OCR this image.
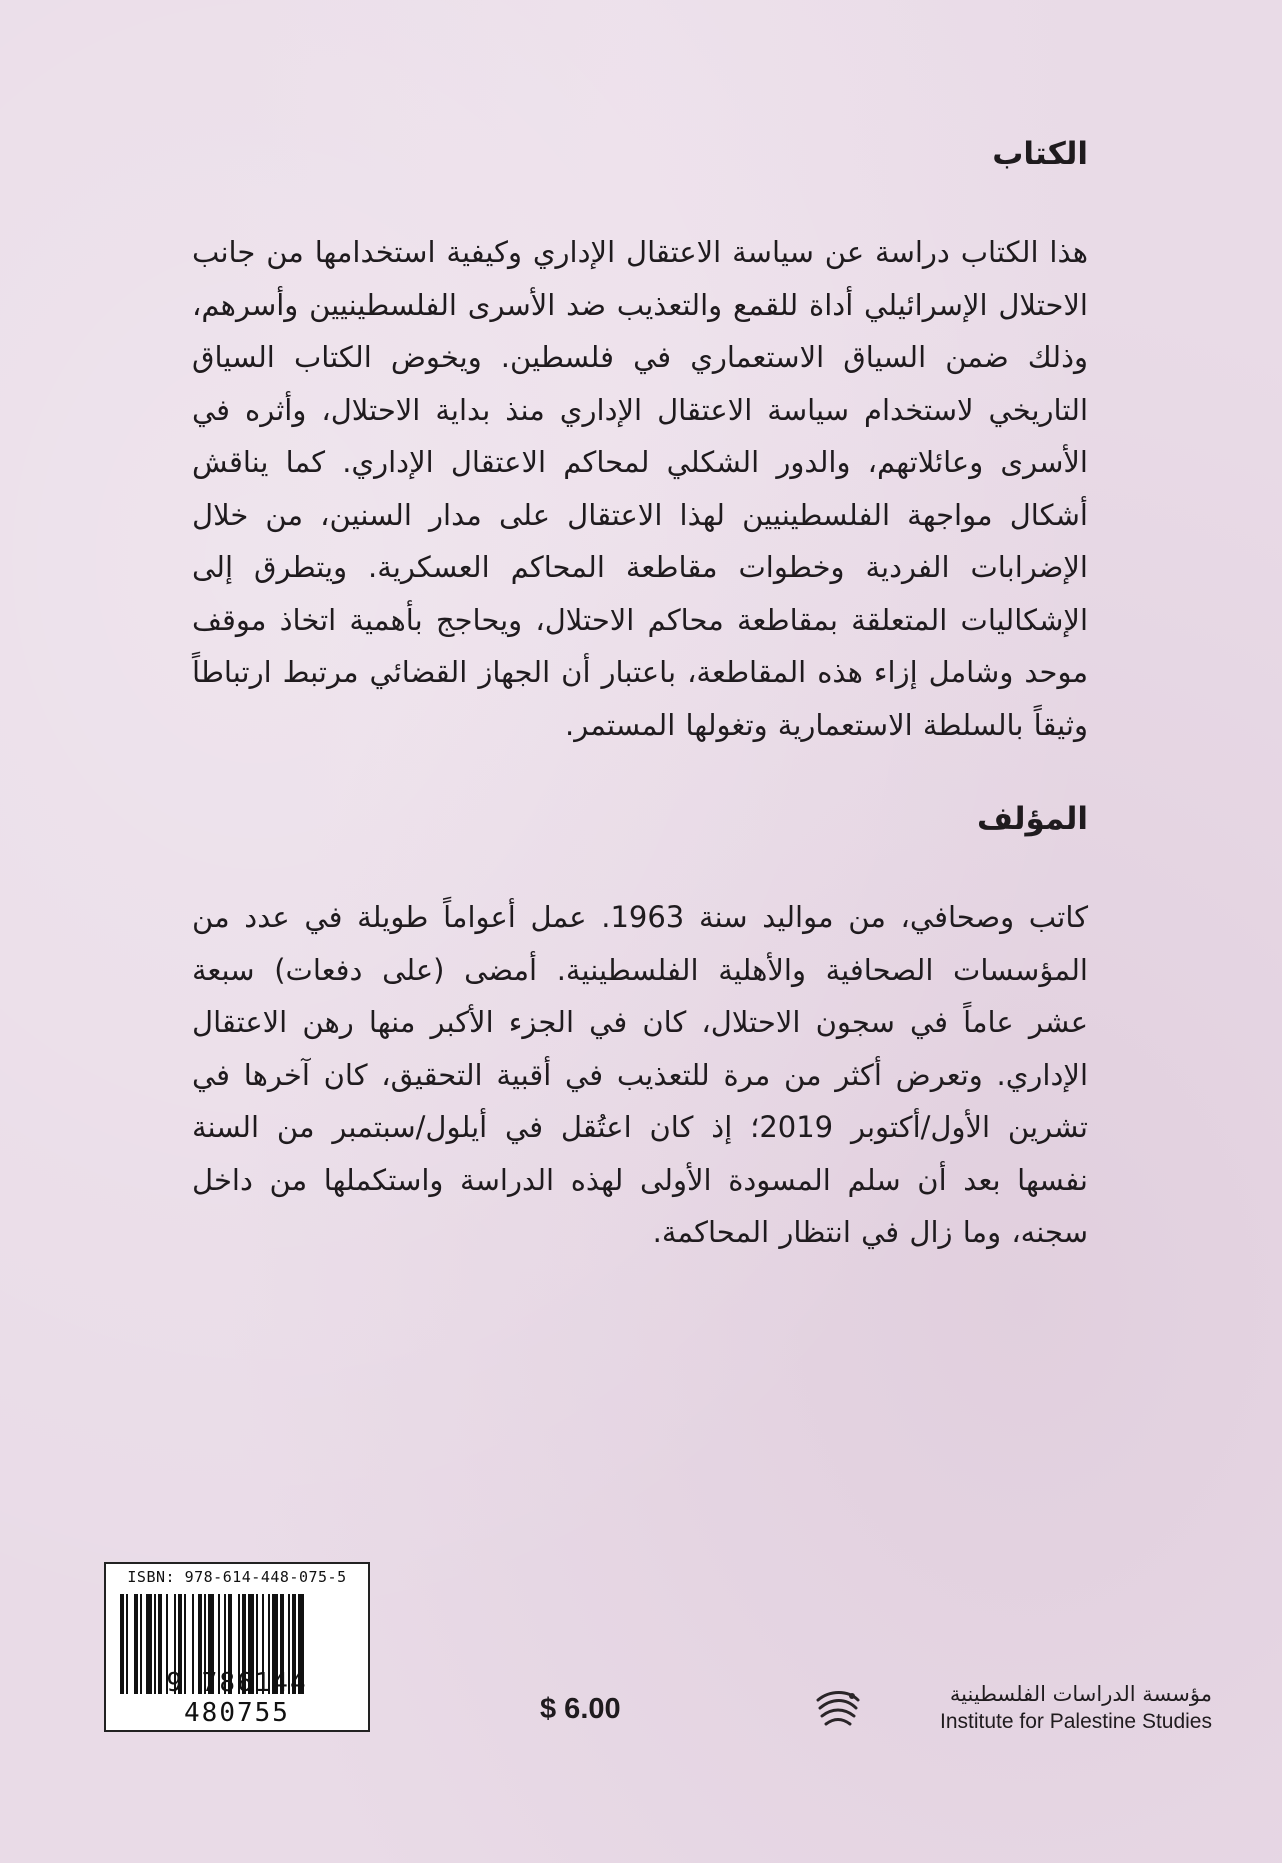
الكتاب

هذا الكتاب دراسة عن سياسة الاعتقال الإداري وكيفية استخدامها من جانب الاحتلال الإسرائيلي أداة للقمع والتعذيب ضد الأسرى الفلسطينيين وأسرهم، وذلك ضمن السياق الاستعماري في فلسطين. ويخوض الكتاب السياق التاريخي لاستخدام سياسة الاعتقال الإداري منذ بداية الاحتلال، وأثره في الأسرى وعائلاتهم، والدور الشكلي لمحاكم الاعتقال الإداري. كما يناقش أشكال مواجهة الفلسطينيين لهذا الاعتقال على مدار السنين، من خلال الإضرابات الفردية وخطوات مقاطعة المحاكم العسكرية. ويتطرق إلى الإشكاليات المتعلقة بمقاطعة محاكم الاحتلال، ويحاجج بأهمية اتخاذ موقف موحد وشامل إزاء هذه المقاطعة، باعتبار أن الجهاز القضائي مرتبط ارتباطاً وثيقاً بالسلطة الاستعمارية وتغولها المستمر.

المؤلف

كاتب وصحافي، من مواليد سنة 1963. عمل أعواماً طويلة في عدد من المؤسسات الصحافية والأهلية الفلسطينية. أمضى (على دفعات) سبعة عشر عاماً في سجون الاحتلال، كان في الجزء الأكبر منها رهن الاعتقال الإداري. وتعرض أكثر من مرة للتعذيب في أقبية التحقيق، كان آخرها في تشرين الأول/أكتوبر 2019؛ إذ كان اعتُقل في أيلول/سبتمبر من السنة نفسها بعد أن سلم المسودة الأولى لهذه الدراسة واستكملها من داخل سجنه، وما زال في انتظار المحاكمة.

ISBN: 978-614-448-075-5
9 786144 480755	$ 6.00	مؤسسة الدراسات الفلسطينية
Institute for Palestine Studies
